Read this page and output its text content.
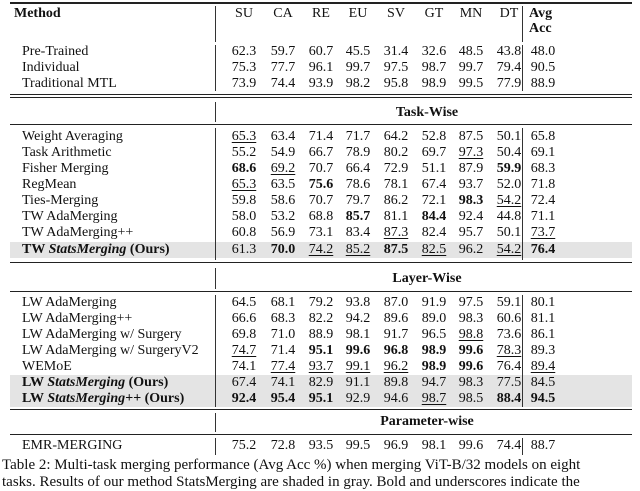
Method	SU	CA	RE	EU	SV	GT	MN	DT Avg
Acc
Task-Wise
Layer-Wise
Parameter-wise
Pre-Trained	62.3	59.7 60.7 45.5 31.4 32.6 48.5 43.8 48.0
Individual	75.3	77.7 96.1 99.7 97.5 98.7 99.7 79.4 90.5
Traditional MTL	73.9	74.4 93.9 98.2 95.8 98.9 99.5 77.9 88.9
Weight Averaging	65.3	63.4 71.4 71.7 64.2 52.8 87.5 50.1 65.8
Task Arithmetic	55.2	54.9 66.7 78.9 80.2 69.7 97.3 50.4 69.1
Fisher Merging	68.6	69.2 70.7 66.4 72.9 51.1 87.9 59.9 68.3
RegMean	65.3	63.5 75.6 78.6 78.1 67.4 93.7 52.0 71.8
Ties-Merging	59.8	58.6 70.7 79.7 86.2 72.1 98.3 54.2 72.4
TW AdaMerging	58.0	53.2 68.8 85.7 81.1 84.4 92.4 44.8 71.1
TW AdaMerging++	60.8	56.9 73.1 83.4 87.3 82.4 95.7 50.1 73.7
TW StatsMerging (Ours)	61.3	70.0 74.2 85.2 87.5 82.5 96.2 54.2 76.4
LW AdaMerging	64.5	68.1 79.2 93.8 87.0 91.9 97.5 59.1 80.1
LW AdaMerging++	66.6	68.3 82.2 94.2 89.6 89.0 98.3 60.6 81.1
LW AdaMerging w/ Surgery	69.8	71.0 88.9 98.1 91.7 96.5 98.8 73.6 86.1
LW AdaMerging w/ SurgeryV2	74.7	71.4 95.1 99.6 96.8 98.9 99.6 78.3 89.3
WEMoE	74.1	77.4 93.7 99.1 96.2 98.9 99.6 76.4 89.4
LW StatsMerging (Ours)	67.4	74.1 82.9 91.1 89.8 94.7 98.3 77.5 84.5
LW StatsMerging++ (Ours)	92.4	95.4 95.1 92.9 94.6 98.7 98.5 88.4 94.5
EMR-MERGING	75.2	72.8 93.5 99.5 96.9 98.1 99.6 74.4 88.7
Table 2: Multi-task merging performance (Avg Acc %) when merging ViT-B/32 models on eight
tasks. Results of our method StatsMerging are shaded in gray. Bold and underscores indicate the
